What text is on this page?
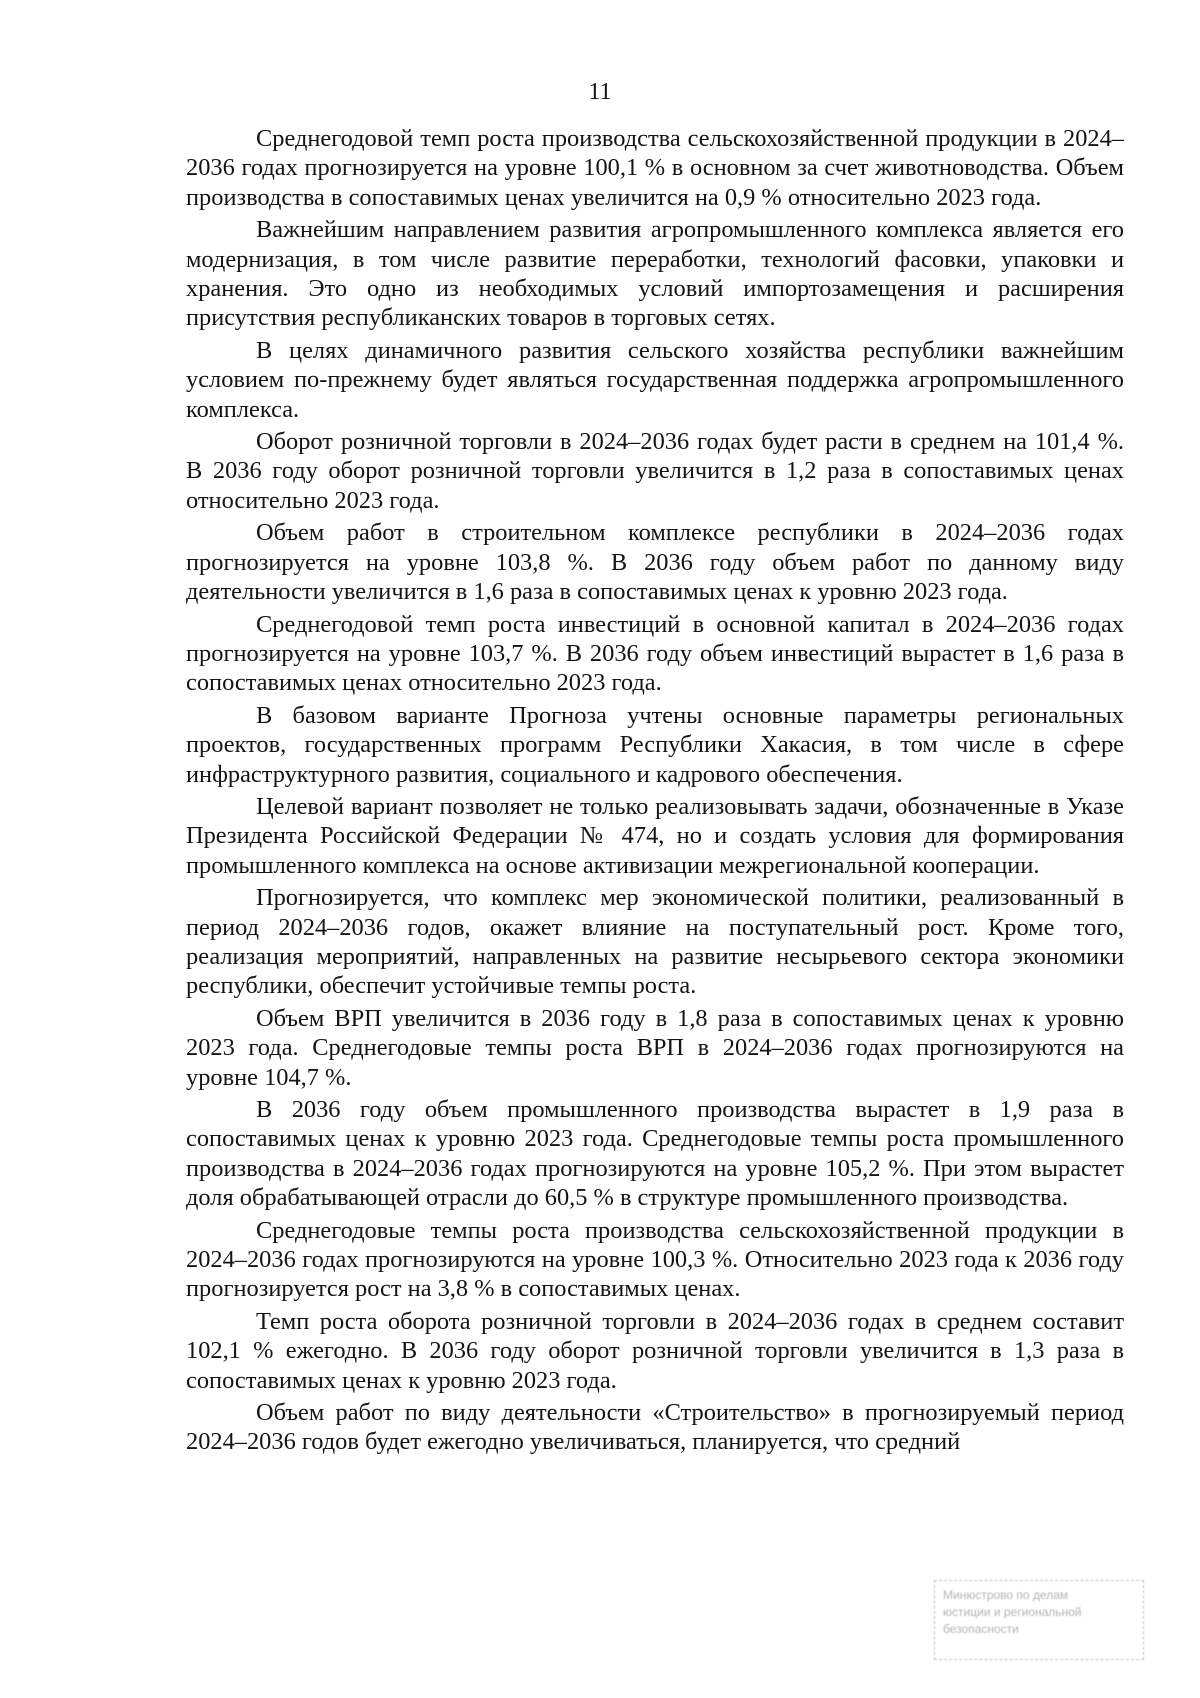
11

Среднегодовой темп роста производства сельскохозяйственной продукции в 2024–2036 годах прогнозируется на уровне 100,1 % в основном за счет животноводства. Объем производства в сопоставимых ценах увеличится на 0,9 % относительно 2023 года.

Важнейшим направлением развития агропромышленного комплекса является его модернизация, в том числе развитие переработки, технологий фасовки, упаковки и хранения. Это одно из необходимых условий импортозамещения и расширения присутствия республиканских товаров в торговых сетях.

В целях динамичного развития сельского хозяйства республики важнейшим условием по-прежнему будет являться государственная поддержка агропромышленного комплекса.

Оборот розничной торговли в 2024–2036 годах будет расти в среднем на 101,4 %. В 2036 году оборот розничной торговли увеличится в 1,2 раза в сопоставимых ценах относительно 2023 года.

Объем работ в строительном комплексе республики в 2024–2036 годах прогнозируется на уровне 103,8 %. В 2036 году объем работ по данному виду деятельности увеличится в 1,6 раза в сопоставимых ценах к уровню 2023 года.

Среднегодовой темп роста инвестиций в основной капитал в 2024–2036 годах прогнозируется на уровне 103,7 %. В 2036 году объем инвестиций вырастет в 1,6 раза в сопоставимых ценах относительно 2023 года.

В базовом варианте Прогноза учтены основные параметры региональных проектов, государственных программ Республики Хакасия, в том числе в сфере инфраструктурного развития, социального и кадрового обеспечения.

Целевой вариант позволяет не только реализовывать задачи, обозначенные в Указе Президента Российской Федерации № 474, но и создать условия для формирования промышленного комплекса на основе активизации межрегиональной кооперации.

Прогнозируется, что комплекс мер экономической политики, реализованный в период 2024–2036 годов, окажет влияние на поступательный рост. Кроме того, реализация мероприятий, направленных на развитие несырьевого сектора экономики республики, обеспечит устойчивые темпы роста.

Объем ВРП увеличится в 2036 году в 1,8 раза в сопоставимых ценах к уровню 2023 года. Среднегодовые темпы роста ВРП в 2024–2036 годах прогнозируются на уровне 104,7 %.

В 2036 году объем промышленного производства вырастет в 1,9 раза в сопоставимых ценах к уровню 2023 года. Среднегодовые темпы роста промышленного производства в 2024–2036 годах прогнозируются на уровне 105,2 %. При этом вырастет доля обрабатывающей отрасли до 60,5 % в структуре промышленного производства.

Среднегодовые темпы роста производства сельскохозяйственной продукции в 2024–2036 годах прогнозируются на уровне 100,3 %. Относительно 2023 года к 2036 году прогнозируется рост на 3,8 % в сопоставимых ценах.

Темп роста оборота розничной торговли в 2024–2036 годах в среднем составит 102,1 % ежегодно. В 2036 году оборот розничной торговли увеличится в 1,3 раза в сопоставимых ценах к уровню 2023 года.

Объем работ по виду деятельности «Строительство» в прогнозируемый период 2024–2036 годов будет ежегодно увеличиваться, планируется, что средний

Минюстрово по делам
юстиции и региональной
безопасности
